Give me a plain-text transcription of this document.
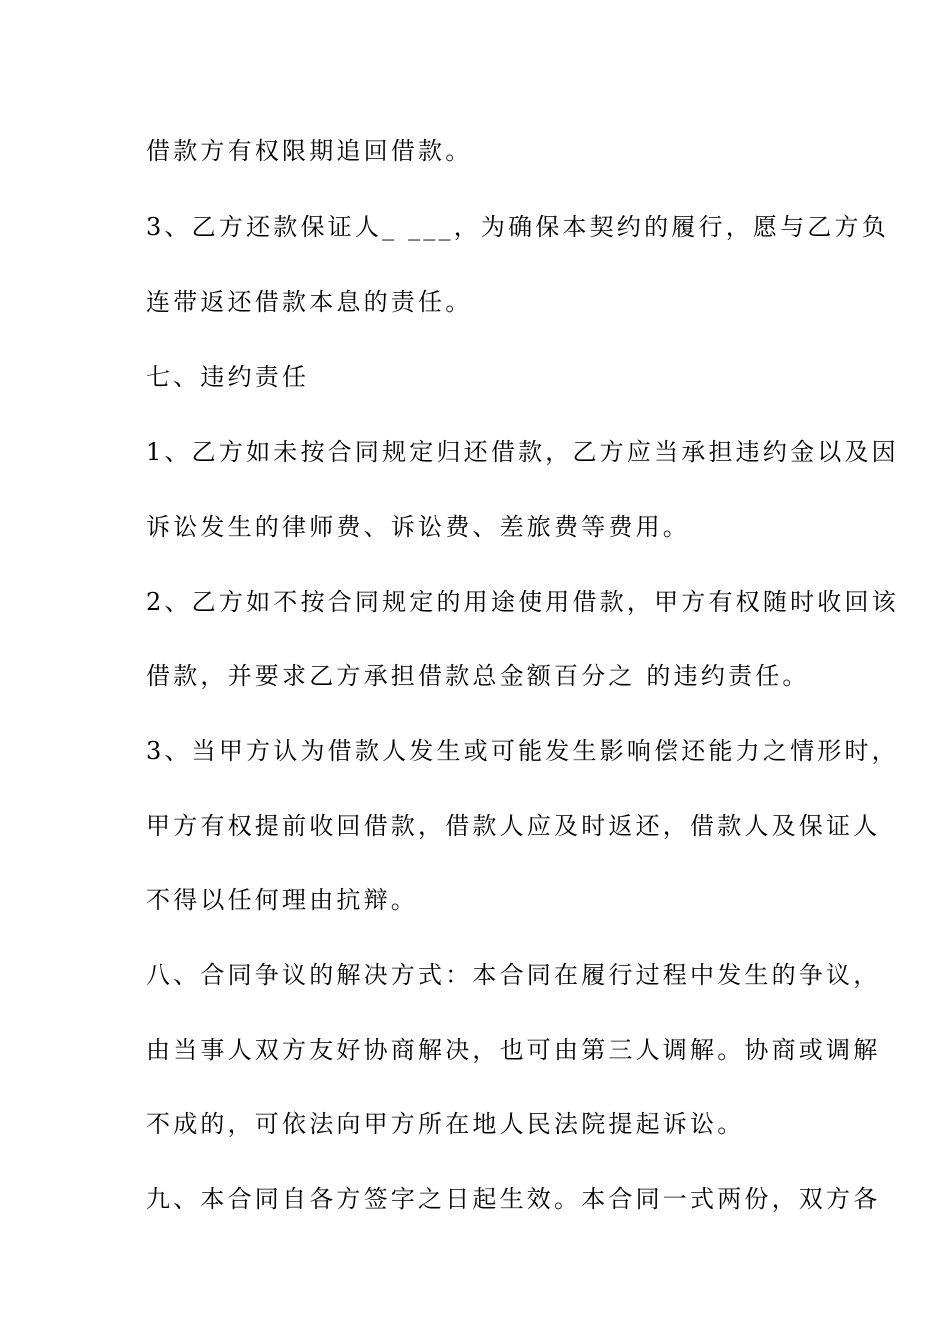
借款方有权限期追回借款。
3、乙方还款保证人_ ___，为确保本契约的履行，愿与乙方负
连带返还借款本息的责任。
七、违约责任
1、乙方如未按合同规定归还借款，乙方应当承担违约金以及因
诉讼发生的律师费、诉讼费、差旅费等费用。
2、乙方如不按合同规定的用途使用借款，甲方有权随时收回该
借款，并要求乙方承担借款总金额百分之 的违约责任。
3、当甲方认为借款人发生或可能发生影响偿还能力之情形时，
甲方有权提前收回借款，借款人应及时返还，借款人及保证人
不得以任何理由抗辩。
八、合同争议的解决方式：本合同在履行过程中发生的争议，
由当事人双方友好协商解决，也可由第三人调解。协商或调解
不成的，可依法向甲方所在地人民法院提起诉讼。
九、本合同自各方签字之日起生效。本合同一式两份，双方各
